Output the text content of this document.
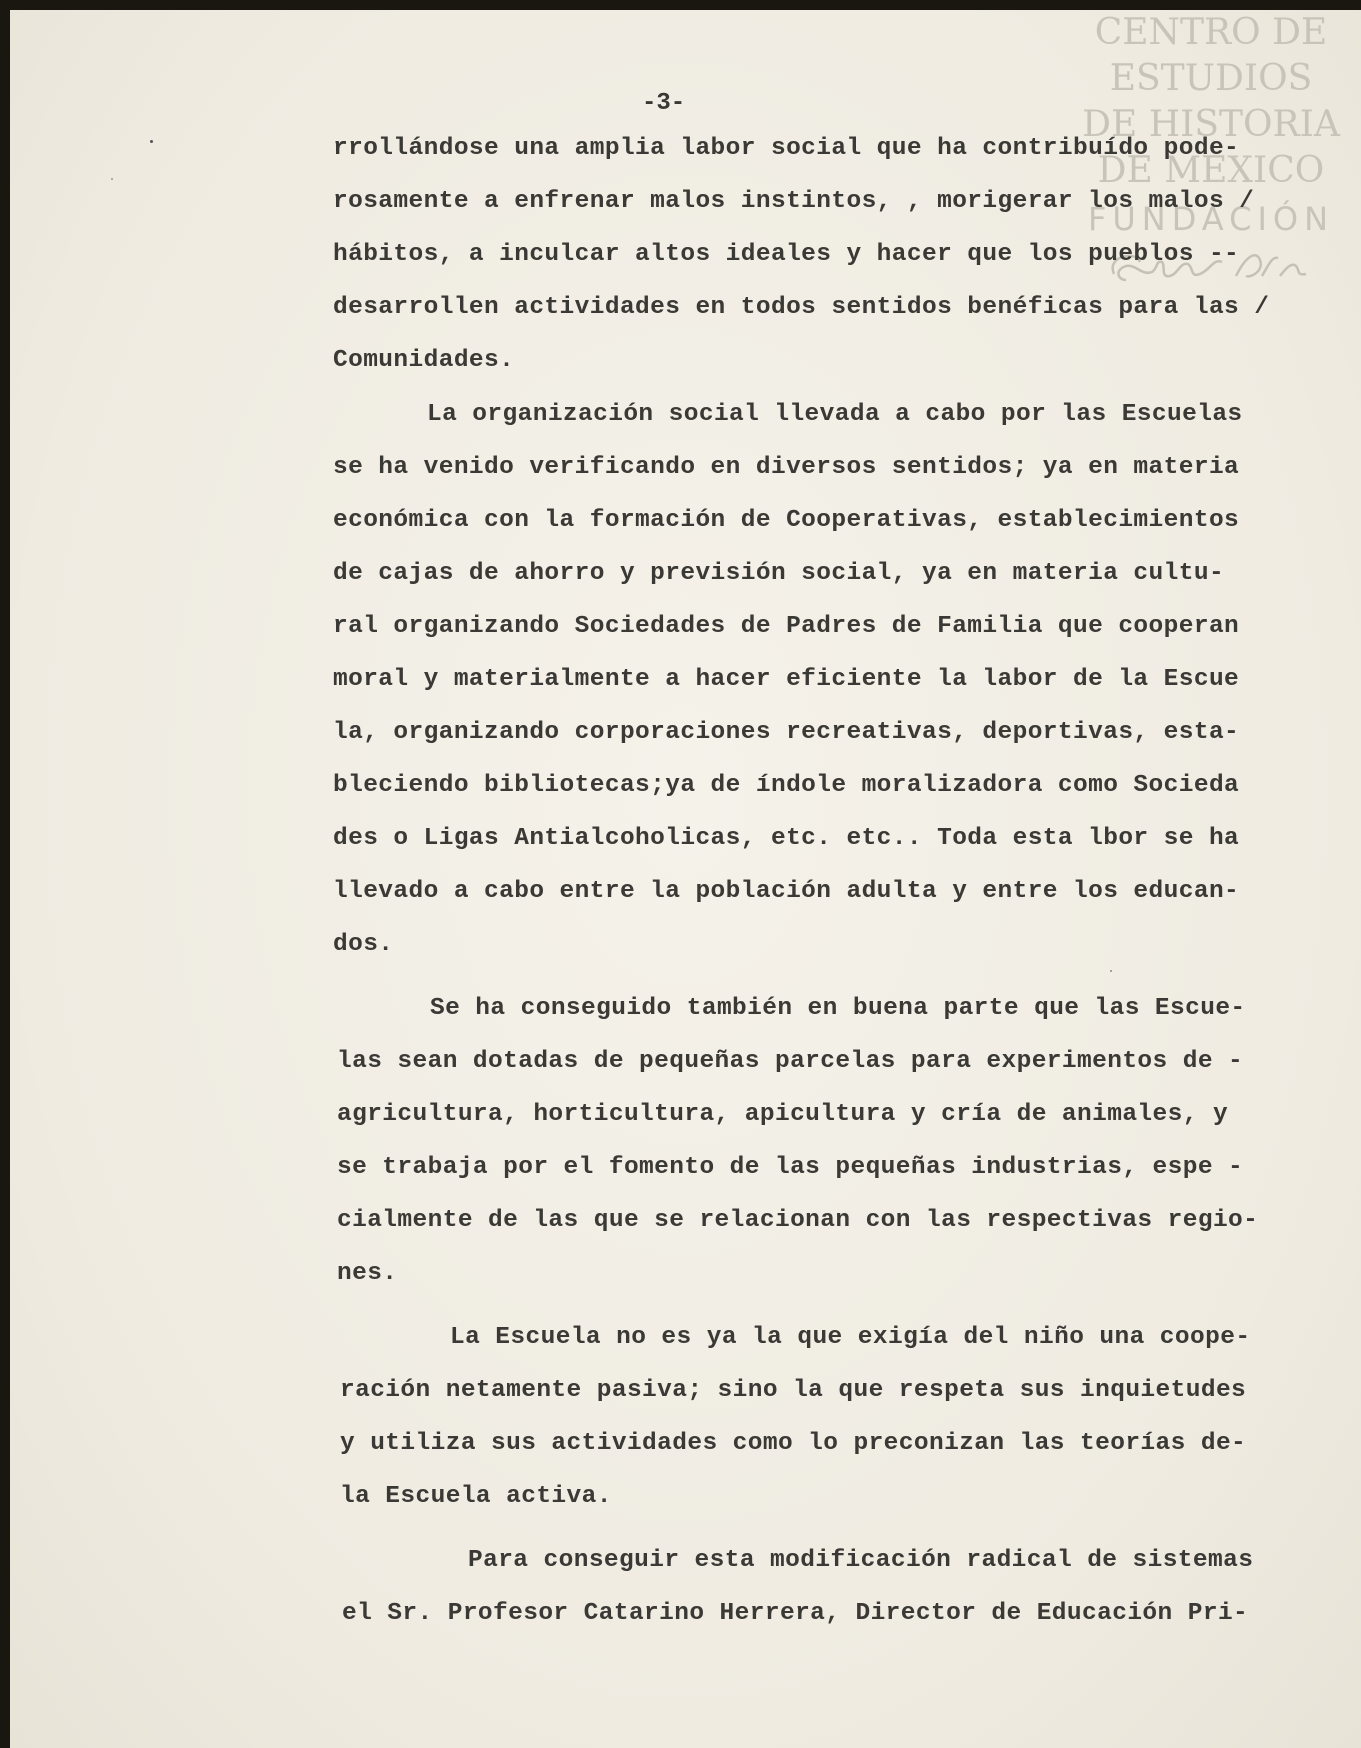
CENTRO DE
ESTUDIOS
DE HISTORIA
DE MEXICO
FUNDACIÓN
-3-
rrollándose una amplia labor social que ha contribuído pode-
rosamente a enfrenar malos instintos, , morigerar los malos /
hábitos, a inculcar altos ideales y hacer que los pueblos --
desarrollen actividades en todos sentidos benéficas para las /
Comunidades.
La organización social llevada a cabo por las Escuelas
se ha venido verificando en diversos sentidos; ya en materia
económica con la formación de Cooperativas, establecimientos
de cajas de ahorro y previsión social, ya en materia cultu-
ral organizando Sociedades de Padres de Familia que cooperan
moral y materialmente a hacer eficiente la labor de la Escue
la, organizando corporaciones recreativas, deportivas, esta-
bleciendo bibliotecas;ya de índole moralizadora como Socieda
des o Ligas Antialcoholicas, etc. etc.. Toda esta lbor se ha
llevado a cabo entre la población adulta y entre los educan-
dos.
Se ha conseguido también en buena parte que las Escue-
las sean dotadas de pequeñas parcelas para experimentos de -
agricultura, horticultura, apicultura y cría de animales, y
se trabaja por el fomento de las pequeñas industrias, espe -
cialmente de las que se relacionan con las respectivas regio-
nes.
La Escuela no es ya la que exigía del niño una coope-
ración netamente pasiva; sino la que respeta sus inquietudes
y utiliza sus actividades como lo preconizan las teorías de-
la Escuela activa.
Para conseguir esta modificación radical de sistemas
el Sr. Profesor Catarino Herrera, Director de Educación Pri-
